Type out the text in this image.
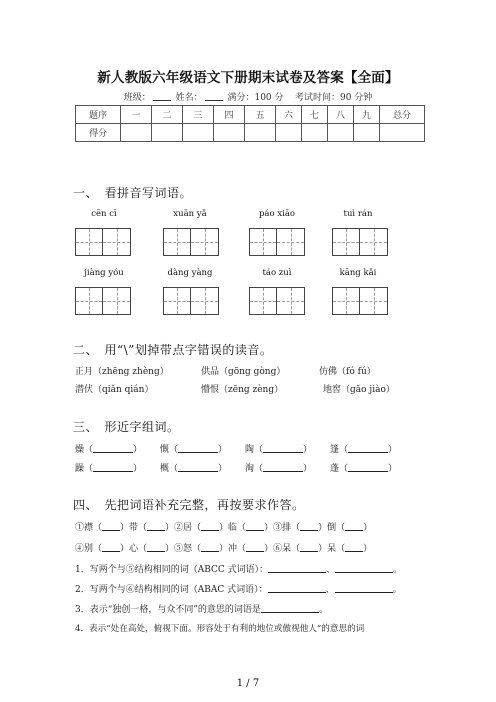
新人教版六年级语文下册期末试卷及答案【全面】
班级：	姓名：	满分：100 分 考试时间：90 分钟
题序	一	二	三	四	五	六	七	八	九	总分
得分										
一、　看拼音写词语。
cēn cī	xuān yǎ	páo xiāo	tuì rán
jiàng yóu	dàng yàng	táo zuì	kāng kǎi
二、　用“\”划掉带点字错误的读音。
正月（zhēng zhèng）	供品（gōng gòng）	仿佛（fó fú）
潜伏（qiǎn qián）	懵恨（zēng zèng）	地窖（gāo jiào）
三、　形近字组词。
燥（	） 慨（	） 陶（	） 篷（	）
躁（	） 概（	） 淘（	） 蓬（	）
四、　先把词语补充完整，再按要求作答。
①襟（ ）带（ ）②居（ ）临（ ）③排（ ）倒（ ）
④别（ ）心（ ）⑤怒（ ）冲（ ）⑥呆（ ）呆（ ）
1．写两个与⑤结构相同的词（ABCC 式词语）：	、	。
2．写两个与⑥结构相同的词（ABAC 式词语）：	、	。
3．表示“独创一格，与众不同”的意思的词语是	。
4．表示“处在高处，俯视下面。形容处于有利的地位或傲视他人”的意思的词
1 / 7
